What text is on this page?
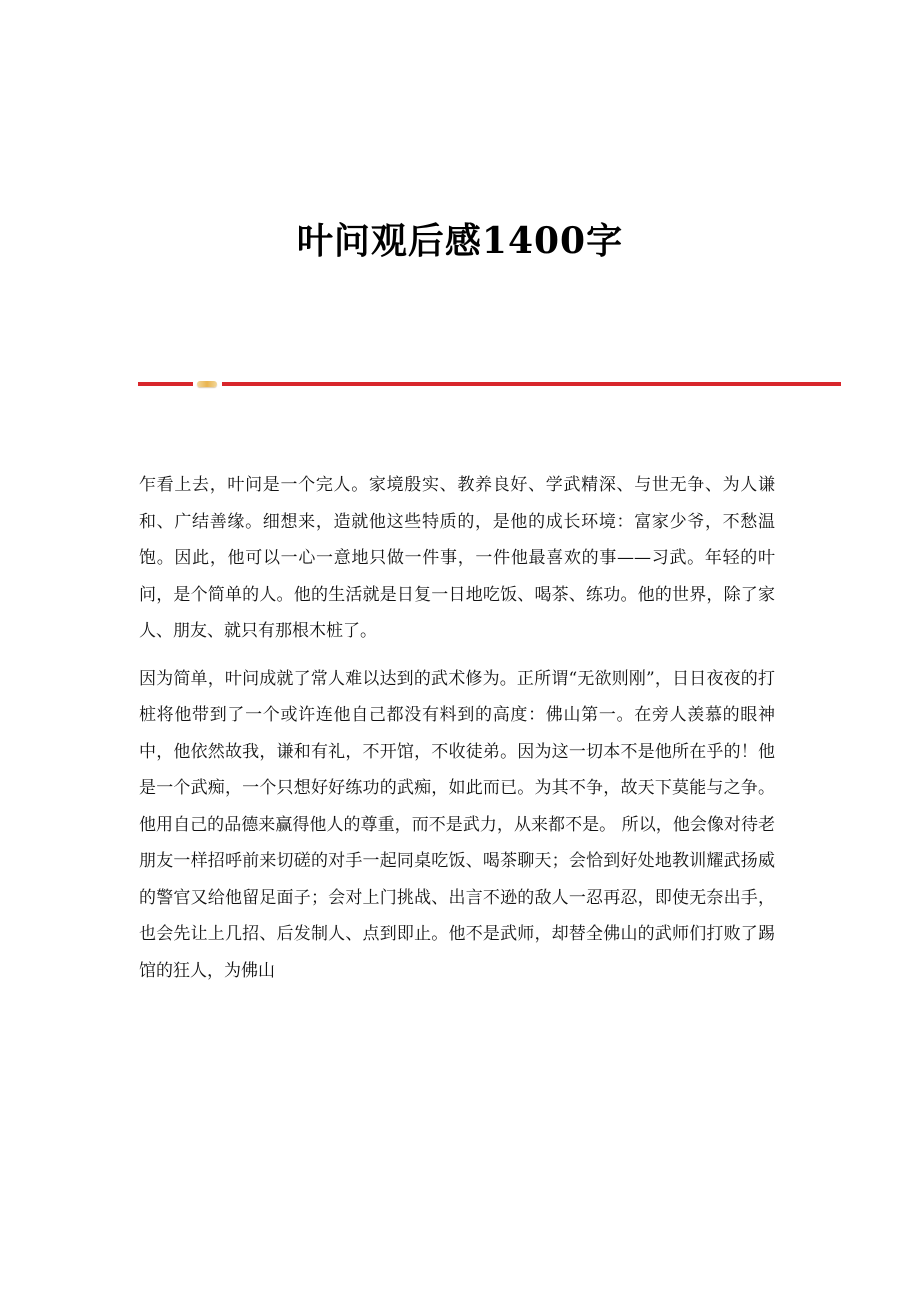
叶问观后感1400字

乍看上去，叶问是一个完人。家境殷实、教养良好、学武精深、与世无争、为人谦和、广结善缘。细想来，造就他这些特质的，是他的成长环境：富家少爷，不愁温饱。因此，他可以一心一意地只做一件事，一件他最喜欢的事——习武。年轻的叶问，是个简单的人。他的生活就是日复一日地吃饭、喝茶、练功。他的世界，除了家人、朋友、就只有那根木桩了。

因为简单，叶问成就了常人难以达到的武术修为。正所谓“无欲则刚”，日日夜夜的打桩将他带到了一个或许连他自己都没有料到的高度：佛山第一。在旁人羡慕的眼神中，他依然故我，谦和有礼，不开馆，不收徒弟。因为这一切本不是他所在乎的！他是一个武痴，一个只想好好练功的武痴，如此而已。为其不争，故天下莫能与之争。他用自己的品德来赢得他人的尊重，而不是武力，从来都不是。 所以，他会像对待老朋友一样招呼前来切磋的对手一起同桌吃饭、喝茶聊天；会恰到好处地教训耀武扬威的警官又给他留足面子；会对上门挑战、出言不逊的敌人一忍再忍，即使无奈出手，也会先让上几招、后发制人、点到即止。他不是武师，却替全佛山的武师们打败了踢馆的狂人，为佛山
